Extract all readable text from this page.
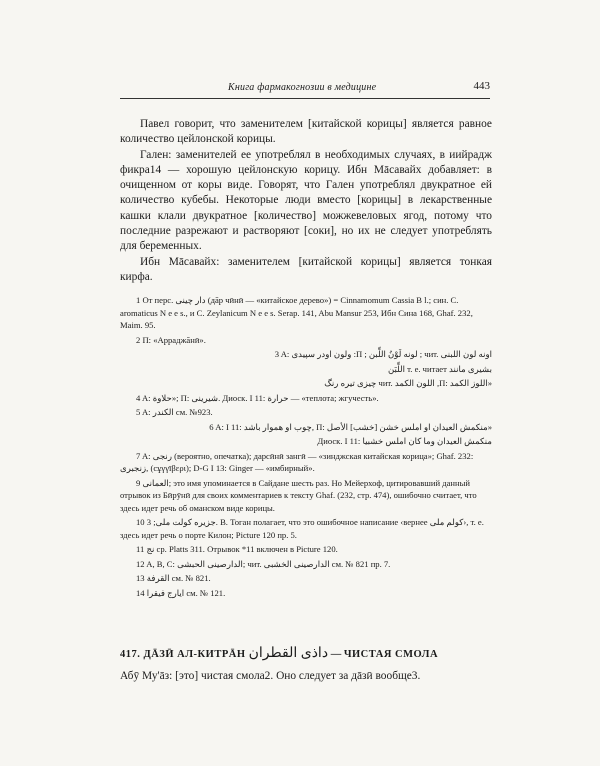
Книга фармакогнозии в медицине	443

Павел говорит, что заменителем [китайской корицы] является равное количество цейлонской корицы.

Гален: заменителей ее употреблял в необходимых случаях, в иийрадж фикра14 — хорошую цейлонскую корицу. Ибн Мāсавайх добавляет: в очищенном от коры виде. Говорят, что Гален употреблял двукратное ей количество кубебы. Некоторые люди вместо [корицы] в лекарственные кашки клали двукратное [количество] можжевеловых ягод, потому что последние разрежают и растворяют [соки], но их не следует употреблять для беременных.

Ибн Мāсавайх: заменителем [китайской корицы] является тонкая кирфа.

1 От перс. دار چینی (дāр чӣнӣ — «китайское дерево») = Cinnamomum Cassia B l.; син. C. aromaticus N e e s., и C. Zeylanicum N e e s. Serap. 141, Abu Mansur 253, Ибн Сина 168, Ghaf. 232, Maim. 95.

2 П: «Арраджāнӣ».

3 A: ولون اودر سپیدی :П ; لونه لَوْنُ اللِّبن ; чит. اونه لون اللبنی

اللِّبَن т. е. читает بشیری مانند

چیزی تیره رنگ чит. اللون الکمد ,П: اللوز الکمد»

4 A: حلاوة»; П: شیرینی. Диоск. I 11: حرارة — «теплота; жгучесть».

5 A: الکندر см. №923.

6 A: I 11: چوب او هموار باشد, П: منکمش العیدان او املس خشن [خشب] الأصل»

Диоск. I 11: منکمش العیدان وما کان املس خشبیا

7 A: رنجی (вероятно, опечатка); дарсӣнӣ зангӣ — «зинджская китайская корица»; Ghaf. 232: زنجبری, (сұγγīβερι); D-G I 13: Ginger — «имбирный».

9 العمانی; это имя упоминается в Сайдане шесть раз. Но Мейерхоф, цитировавший данный отрывок из Бӣрӯнӣ для своих комментариев к тексту Ghaf. (232, стр. 474), ошибочно считает, что здесь идет речь об оманском виде корицы.

10 جزیره کولت ملی; 3. В. Тоган полагает, что это ошибочное написание ‹вернее کولم ملی›, т. е. здесь идет речь о порте Килон; Picture 120 пр. 5.

11 نج ср. Platts 311. Отрывок *11 включен в Picture 120.

12 A, B, C: الدارصینی الحبشی; чит. الدارصینی الخشبی см. № 821 пр. 7.

13 القرفة см. № 821.

14 ایارج فیقرا см. № 121.

417. ДĀЗӢ АЛ-КИТРĀН داذى القطران — ЧИСТАЯ СМОЛА
Абӯ Му'āз: [это] чистая смола2. Оно следует за дāзӣ вообще3.
